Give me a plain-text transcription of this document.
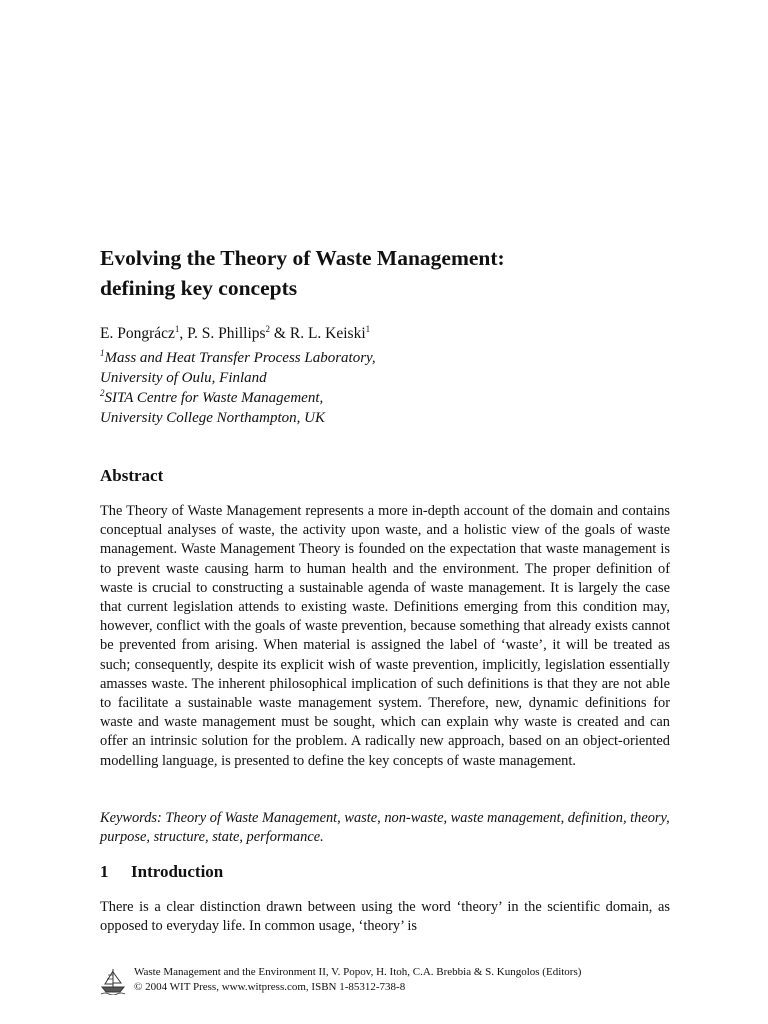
Evolving the Theory of Waste Management:
defining key concepts
E. Pongrácz$^1$, P. S. Phillips$^2$ & R. L. Keiski$^1$
$^1$Mass and Heat Transfer Process Laboratory,
University of Oulu, Finland
$^2$SITA Centre for Waste Management,
University College Northampton, UK
Abstract

The Theory of Waste Management represents a more in-depth account of the domain and contains conceptual analyses of waste, the activity upon waste, and a holistic view of the goals of waste management. Waste Management Theory is founded on the expectation that waste management is to prevent waste causing harm to human health and the environment. The proper definition of waste is crucial to constructing a sustainable agenda of waste management. It is largely the case that current legislation attends to existing waste. Definitions emerging from this condition may, however, conflict with the goals of waste prevention, because something that already exists cannot be prevented from arising. When material is assigned the label of ‘waste’, it will be treated as such; consequently, despite its explicit wish of waste prevention, implicitly, legislation essentially amasses waste. The inherent philosophical implication of such definitions is that they are not able to facilitate a sustainable waste management system. Therefore, new, dynamic definitions for waste and waste management must be sought, which can explain why waste is created and can offer an intrinsic solution for the problem. A radically new approach, based on an object-oriented modelling language, is presented to define the key concepts of waste management.

Keywords: Theory of Waste Management, waste, non-waste, waste management, definition, theory, purpose, structure, state, performance.

1 Introduction

There is a clear distinction drawn between using the word ‘theory’ in the scientific domain, as opposed to everyday life. In common usage, ‘theory’ is

Waste Management and the Environment II, V. Popov, H. Itoh, C.A. Brebbia & S. Kungolos (Editors)
© 2004 WIT Press, www.witpress.com, ISBN 1-85312-738-8
